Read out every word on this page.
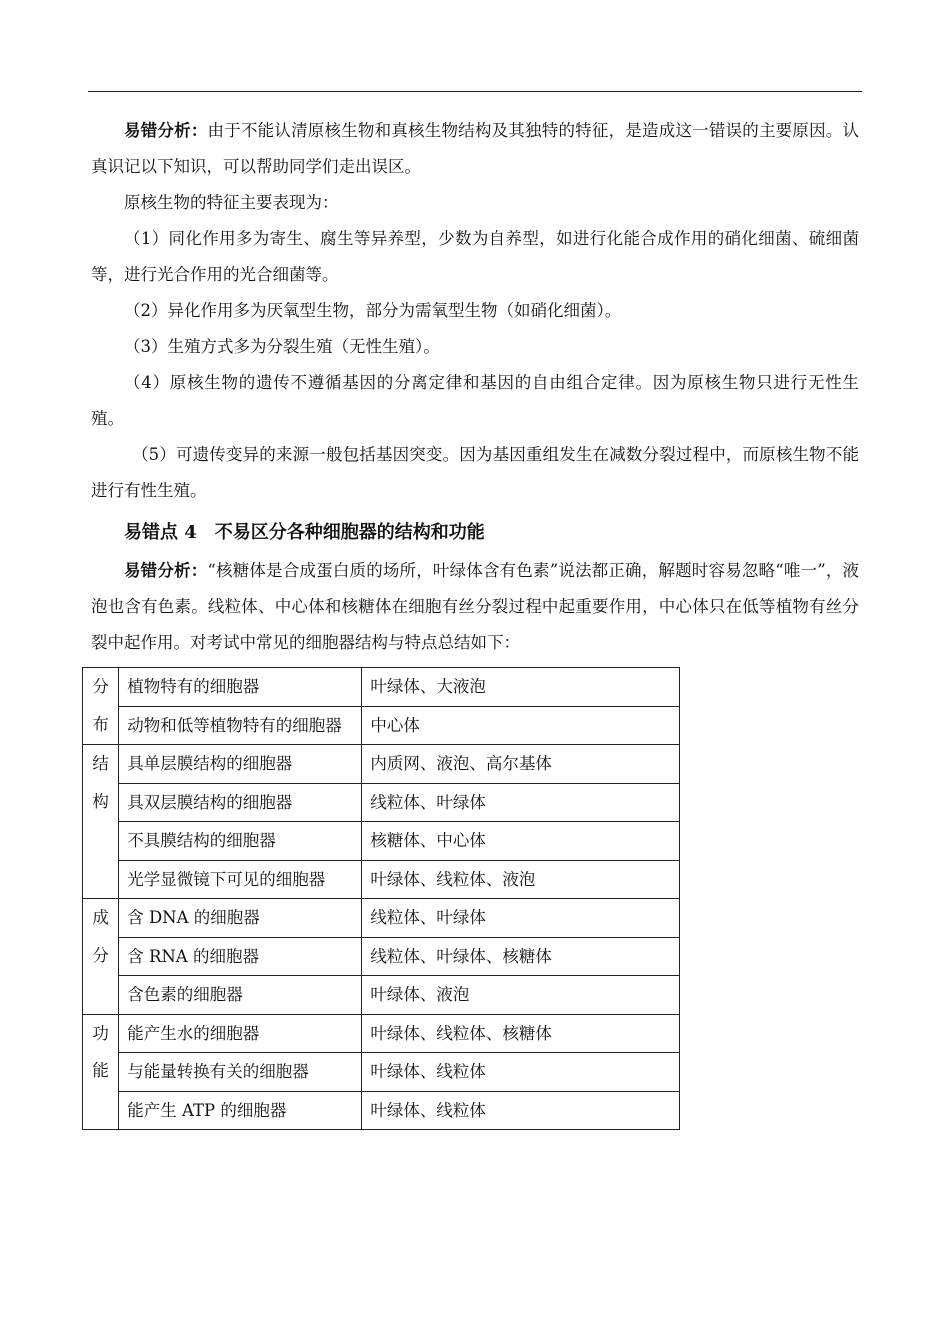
易错分析：由于不能认清原核生物和真核生物结构及其独特的特征，是造成这一错误的主要原因。认真识记以下知识，可以帮助同学们走出误区。

原核生物的特征主要表现为：

（1）同化作用多为寄生、腐生等异养型，少数为自养型，如进行化能合成作用的硝化细菌、硫细菌等，进行光合作用的光合细菌等。

（2）异化作用多为厌氧型生物，部分为需氧型生物（如硝化细菌）。

（3）生殖方式多为分裂生殖（无性生殖）。

（4）原核生物的遗传不遵循基因的分离定律和基因的自由组合定律。因为原核生物只进行无性生殖。

（5）可遗传变异的来源一般包括基因突变。因为基因重组发生在减数分裂过程中，而原核生物不能进行有性生殖。

易错点 4　不易区分各种细胞器的结构和功能

易错分析：“核糖体是合成蛋白质的场所，叶绿体含有色素”说法都正确，解题时容易忽略“唯一”，液泡也含有色素。线粒体、中心体和核糖体在细胞有丝分裂过程中起重要作用，中心体只在低等植物有丝分裂中起作用。对考试中常见的细胞器结构与特点总结如下：

分布	植物特有的细胞器	叶绿体、大液泡
	动物和低等植物特有的细胞器	中心体
结构	具单层膜结构的细胞器	内质网、液泡、高尔基体
	具双层膜结构的细胞器	线粒体、叶绿体
	不具膜结构的细胞器	核糖体、中心体
	光学显微镜下可见的细胞器	叶绿体、线粒体、液泡
成分	含 DNA 的细胞器	线粒体、叶绿体
	含 RNA 的细胞器	线粒体、叶绿体、核糖体
	含色素的细胞器	叶绿体、液泡
功能	能产生水的细胞器	叶绿体、线粒体、核糖体
	与能量转换有关的细胞器	叶绿体、线粒体
	能产生 ATP 的细胞器	叶绿体、线粒体
